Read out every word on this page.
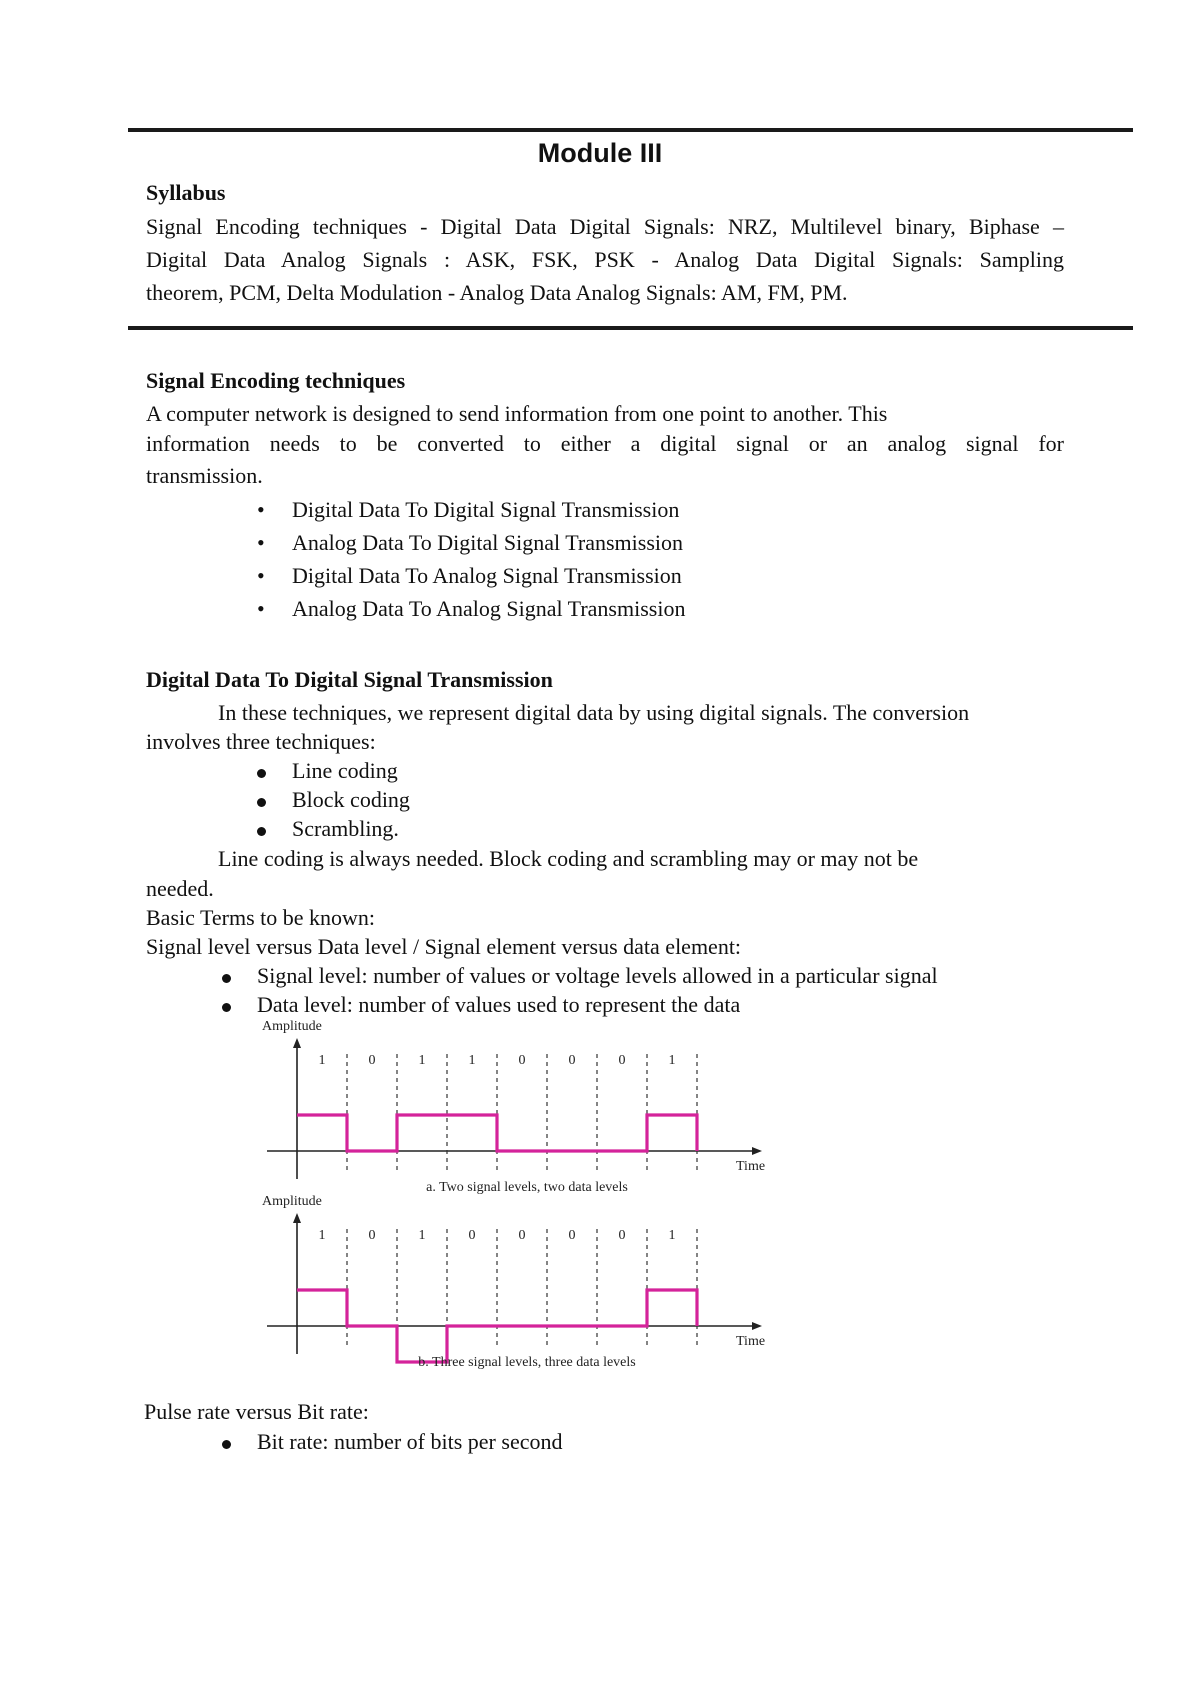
Module III
Syllabus
Signal Encoding techniques - Digital Data Digital Signals: NRZ, Multilevel binary, Biphase –
Digital Data Analog Signals : ASK, FSK, PSK - Analog Data Digital Signals: Sampling
theorem, PCM, Delta Modulation - Analog Data Analog Signals: AM, FM, PM.
Signal Encoding techniques
A computer network is designed to send information from one point to another. This
information needs to be converted to either a digital signal or an analog signal for
transmission.
• Digital Data To Digital Signal Transmission
• Analog Data To Digital Signal Transmission
• Digital Data To Analog Signal Transmission
• Analog Data To Analog Signal Transmission
Digital Data To Digital Signal Transmission
In these techniques, we represent digital data by using digital signals. The conversion
involves three techniques:
Line coding
Block coding
Scrambling.
Line coding is always needed. Block coding and scrambling may or may not be
needed.
Basic Terms to be known:
Signal level versus Data level / Signal element versus data element:
Signal level: number of values or voltage levels allowed in a particular signal
Data level: number of values used to represent the data
Amplitude
Time
1	0	1	1	0	0	0	1
a. Two signal levels, two data levels
Amplitude
Time
1	0	1	0	0	0	0	1
b. Three signal levels, three data levels
Pulse rate versus Bit rate:
Bit rate: number of bits per second
